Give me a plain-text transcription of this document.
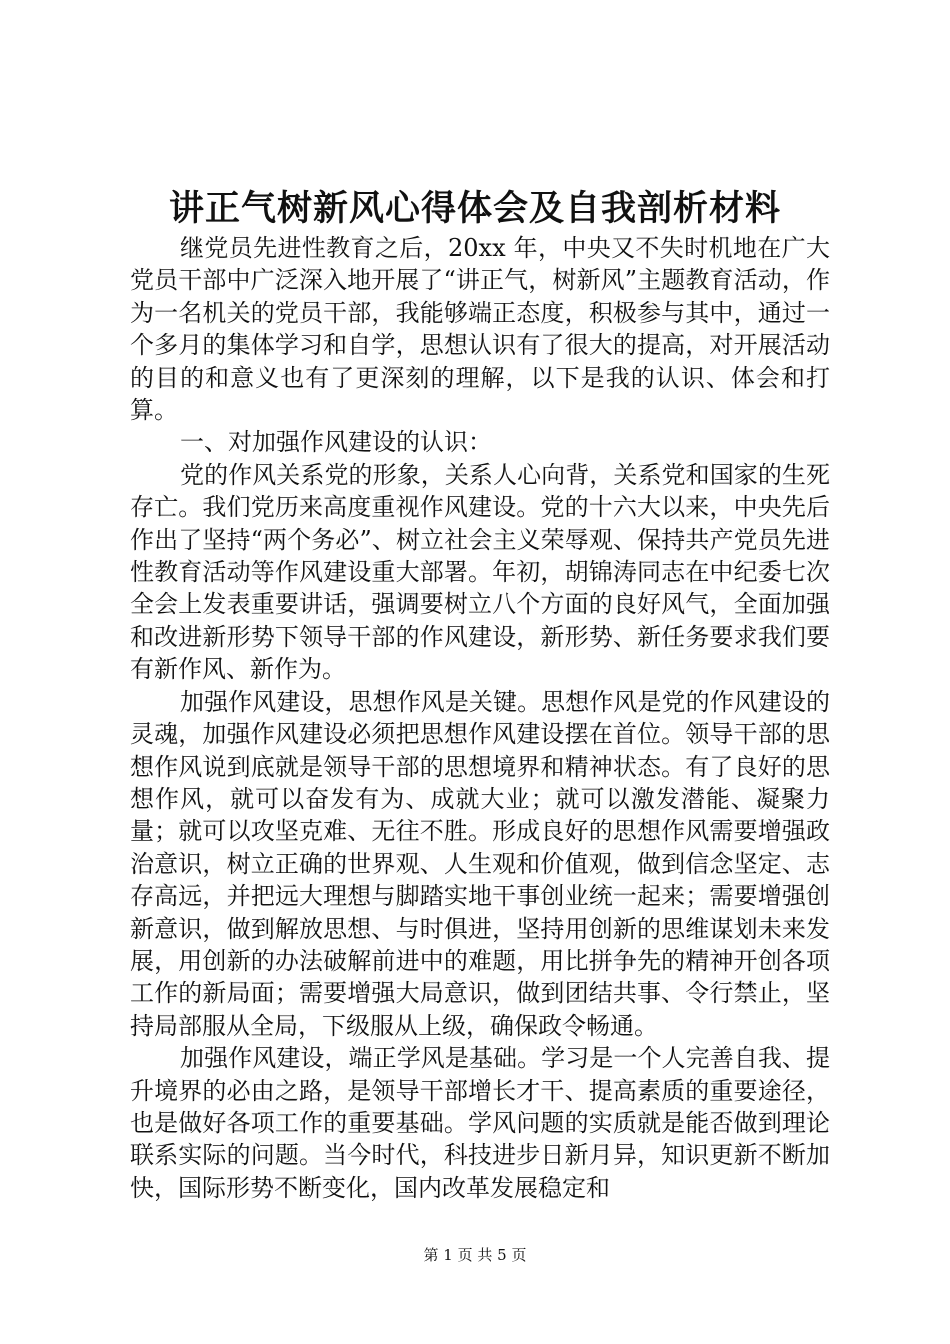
讲正气树新风心得体会及自我剖析材料

继党员先进性教育之后，20xx 年，中央又不失时机地在广大党员干部中广泛深入地开展了“讲正气，树新风”主题教育活动，作为一名机关的党员干部，我能够端正态度，积极参与其中，通过一个多月的集体学习和自学，思想认识有了很大的提高，对开展活动的目的和意义也有了更深刻的理解，以下是我的认识、体会和打算。

一、对加强作风建设的认识：

党的作风关系党的形象，关系人心向背，关系党和国家的生死存亡。我们党历来高度重视作风建设。党的十六大以来，中央先后作出了坚持“两个务必”、树立社会主义荣辱观、保持共产党员先进性教育活动等作风建设重大部署。年初，胡锦涛同志在中纪委七次全会上发表重要讲话，强调要树立八个方面的良好风气，全面加强和改进新形势下领导干部的作风建设，新形势、新任务要求我们要有新作风、新作为。

加强作风建设，思想作风是关键。思想作风是党的作风建设的灵魂，加强作风建设必须把思想作风建设摆在首位。领导干部的思想作风说到底就是领导干部的思想境界和精神状态。有了良好的思想作风，就可以奋发有为、成就大业；就可以激发潜能、凝聚力量；就可以攻坚克难、无往不胜。形成良好的思想作风需要增强政治意识，树立正确的世界观、人生观和价值观，做到信念坚定、志存高远，并把远大理想与脚踏实地干事创业统一起来；需要增强创新意识，做到解放思想、与时俱进，坚持用创新的思维谋划未来发展，用创新的办法破解前进中的难题，用比拼争先的精神开创各项工作的新局面；需要增强大局意识，做到团结共事、令行禁止，坚持局部服从全局，下级服从上级，确保政令畅通。

加强作风建设，端正学风是基础。学习是一个人完善自我、提升境界的必由之路，是领导干部增长才干、提高素质的重要途径，也是做好各项工作的重要基础。学风问题的实质就是能否做到理论联系实际的问题。当今时代，科技进步日新月异，知识更新不断加快，国际形势不断变化，国内改革发展稳定和

第 1 页 共 5 页
